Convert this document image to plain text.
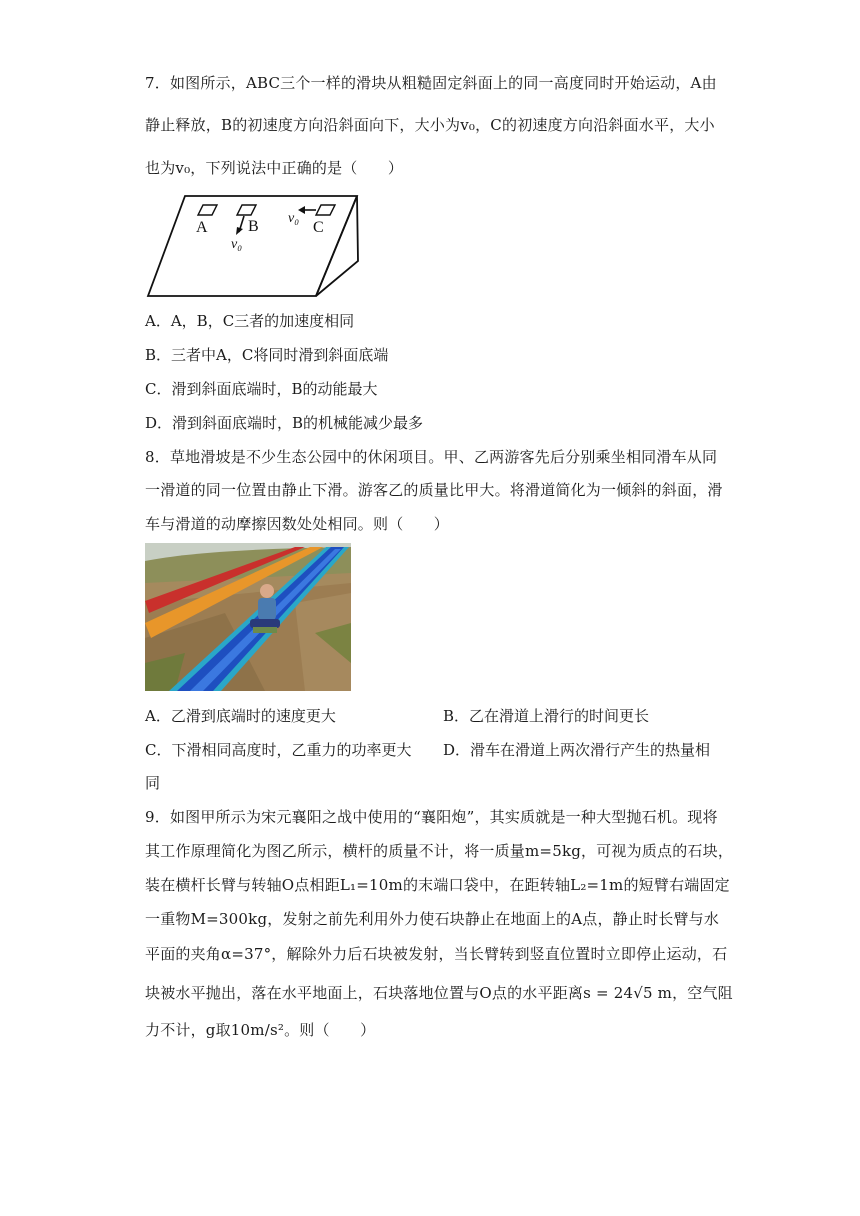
7．如图所示，ABC三个一样的滑块从粗糙固定斜面上的同一高度同时开始运动，A由
静止释放，B的初速度方向沿斜面向下，大小为v₀，C的初速度方向沿斜面水平，大小
也为v₀，下列说法中正确的是（　　）
A	B	C
v₀
v₀
A．A，B，C三者的加速度相同
B．三者中A，C将同时滑到斜面底端
C．滑到斜面底端时，B的动能最大
D．滑到斜面底端时，B的机械能减少最多
8．草地滑坡是不少生态公园中的休闲项目。甲、乙两游客先后分别乘坐相同滑车从同
一滑道的同一位置由静止下滑。游客乙的质量比甲大。将滑道简化为一倾斜的斜面，滑
车与滑道的动摩擦因数处处相同。则（　　）
A．乙滑到底端时的速度更大	B．乙在滑道上滑行的时间更长
C．下滑相同高度时，乙重力的功率更大 D．滑车在滑道上两次滑行产生的热量相
同
9．如图甲所示为宋元襄阳之战中使用的“襄阳炮”，其实质就是一种大型抛石机。现将
其工作原理简化为图乙所示，横杆的质量不计，将一质量m=5kg，可视为质点的石块，
装在横杆长臂与转轴O点相距L₁=10m的末端口袋中，在距转轴L₂=1m的短臂右端固定
一重物M=300kg，发射之前先利用外力使石块静止在地面上的A点，静止时长臂与水
平面的夹角α=37°，解除外力后石块被发射，当长臂转到竖直位置时立即停止运动，石
块被水平抛出，落在水平地面上，石块落地位置与O点的水平距离s = 24√5 m，空气阻
力不计，g取10m/s²。则（　　）
